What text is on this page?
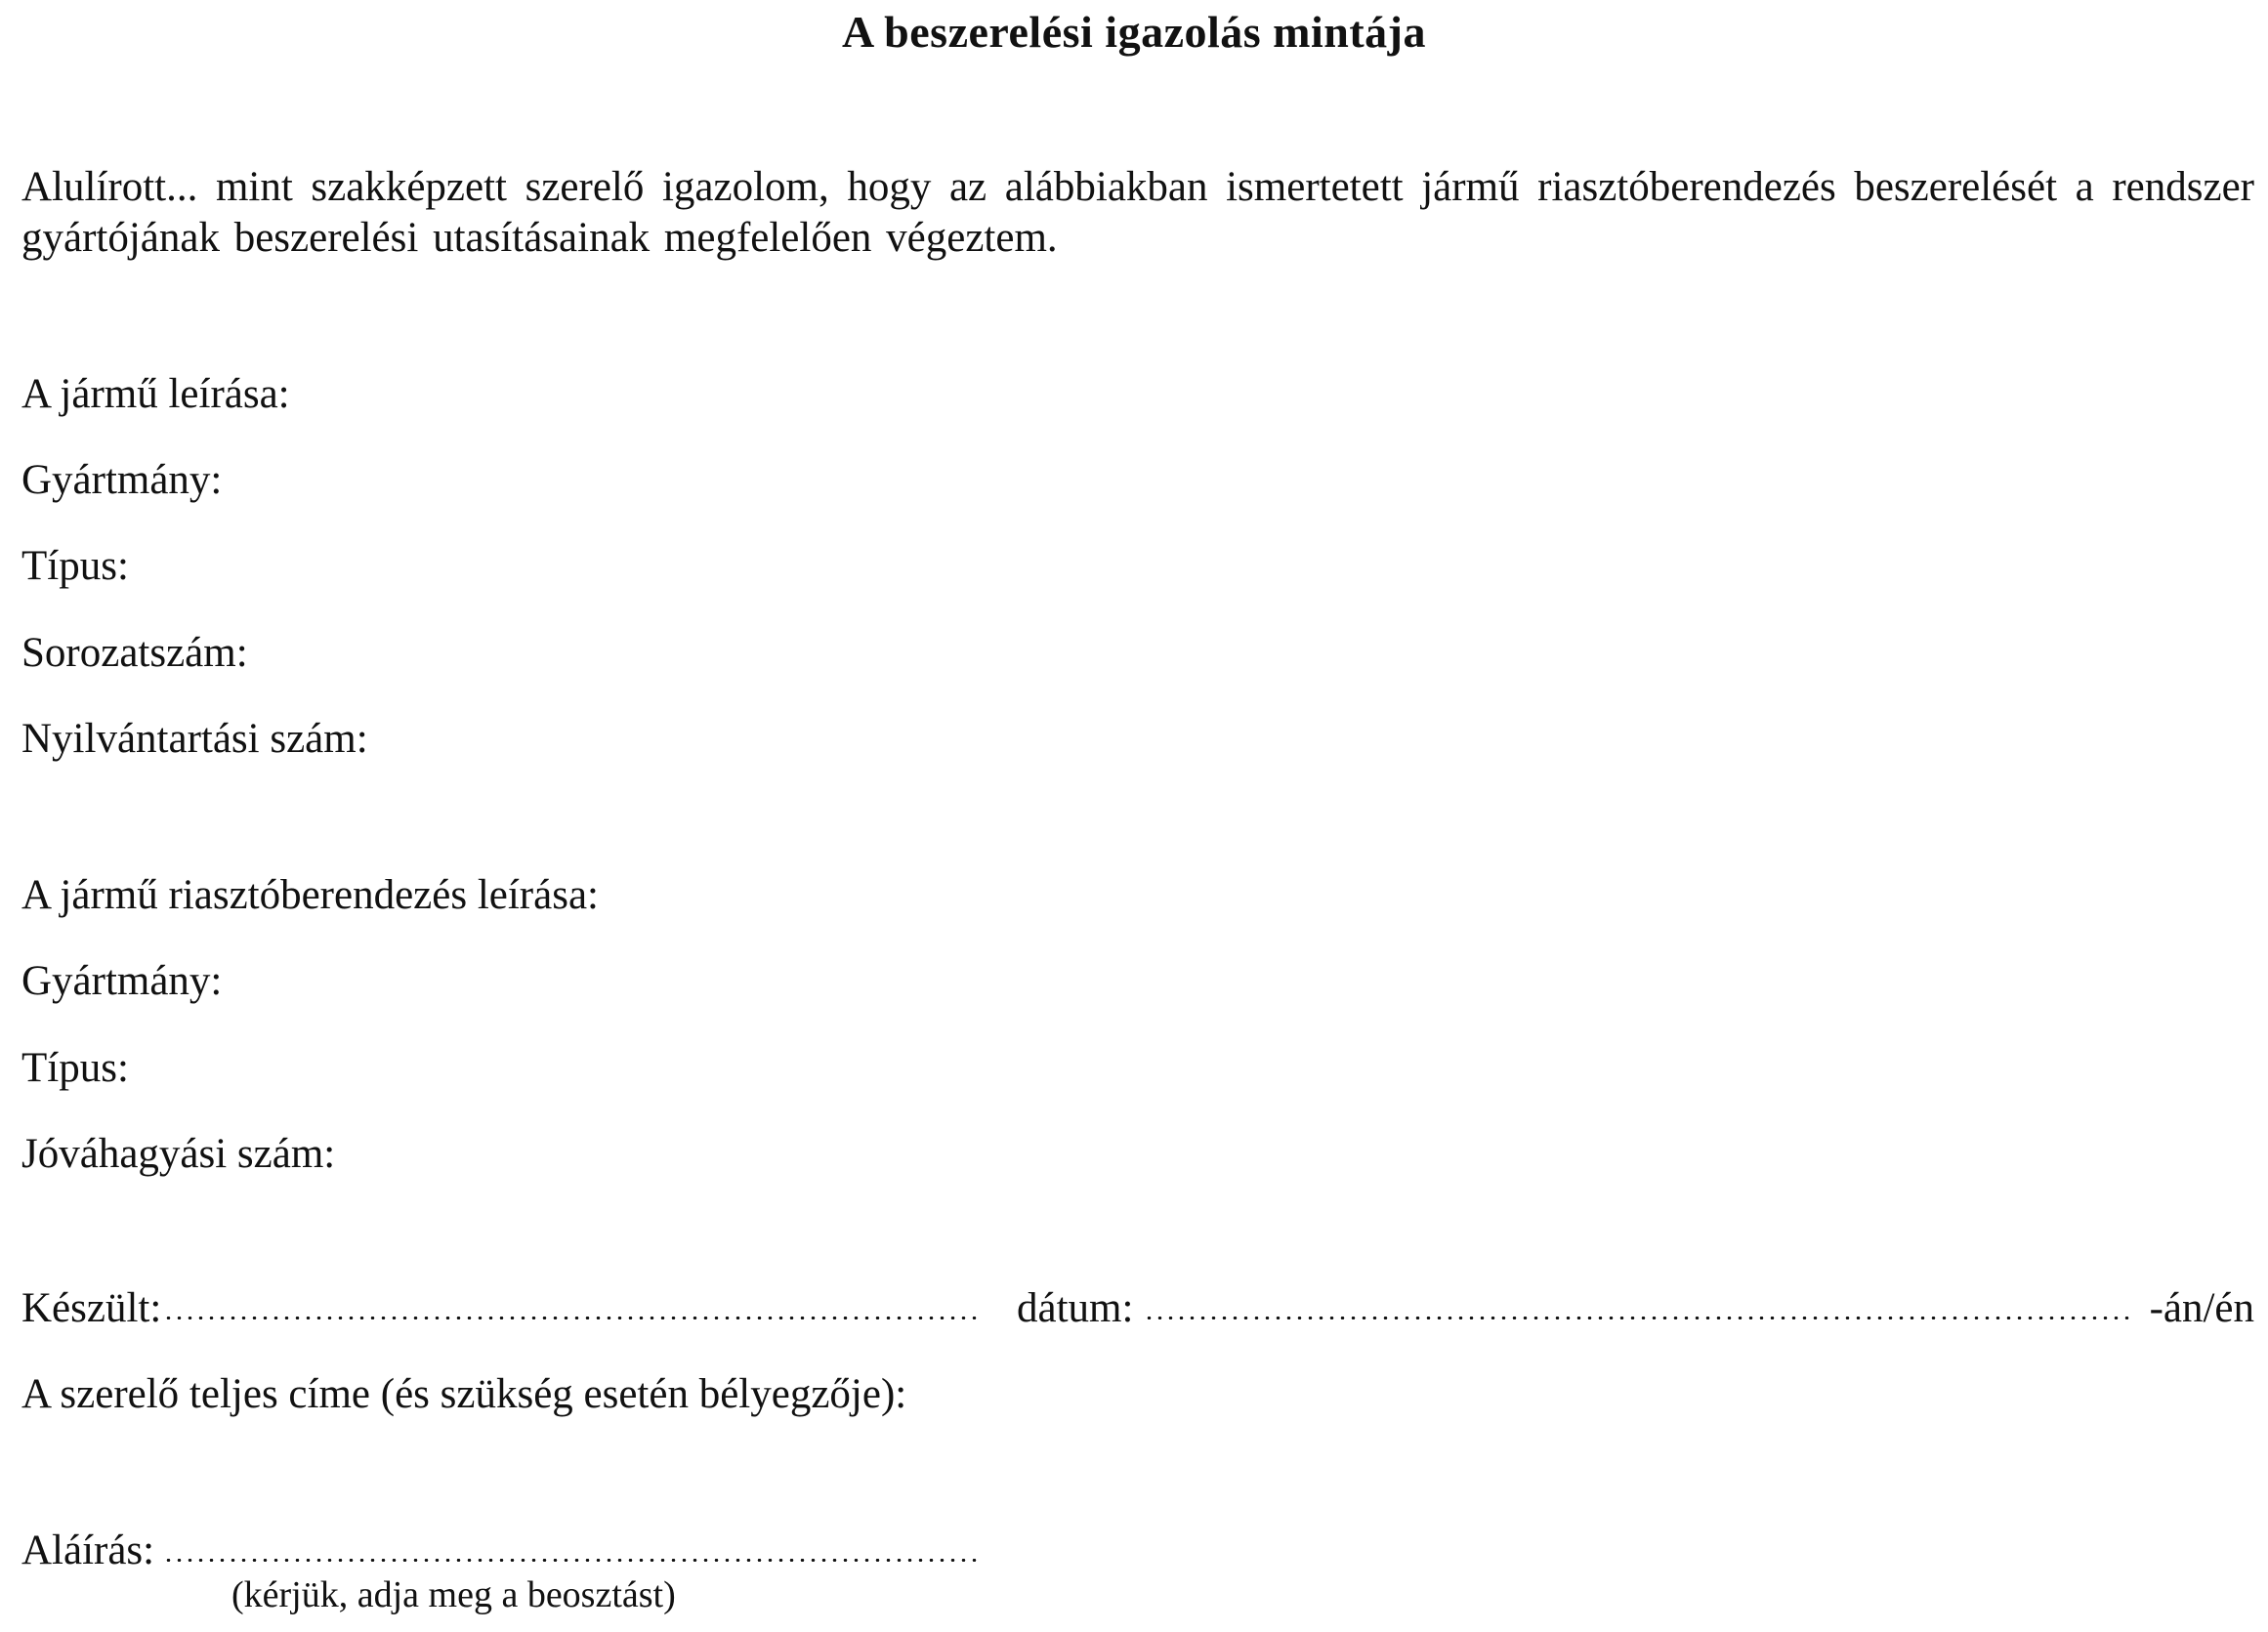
A beszerelési igazolás mintája
Alulírott... mint szakképzett szerelő igazolom, hogy az alábbiakban ismertetett jármű riasztóberendezés beszerelését a rendszer gyártójának beszerelési utasításainak megfelelően végeztem.
A jármű leírása:
Gyártmány:
Típus:
Sorozatszám:
Nyilvántartási szám:
A jármű riasztóberendezés leírása:
Gyártmány:
Típus:
Jóváhagyási szám:
Készült:	dátum:	-án/én
A szerelő teljes címe (és szükség esetén bélyegzője):
Aláírás:
(kérjük, adja meg a beosztást)
